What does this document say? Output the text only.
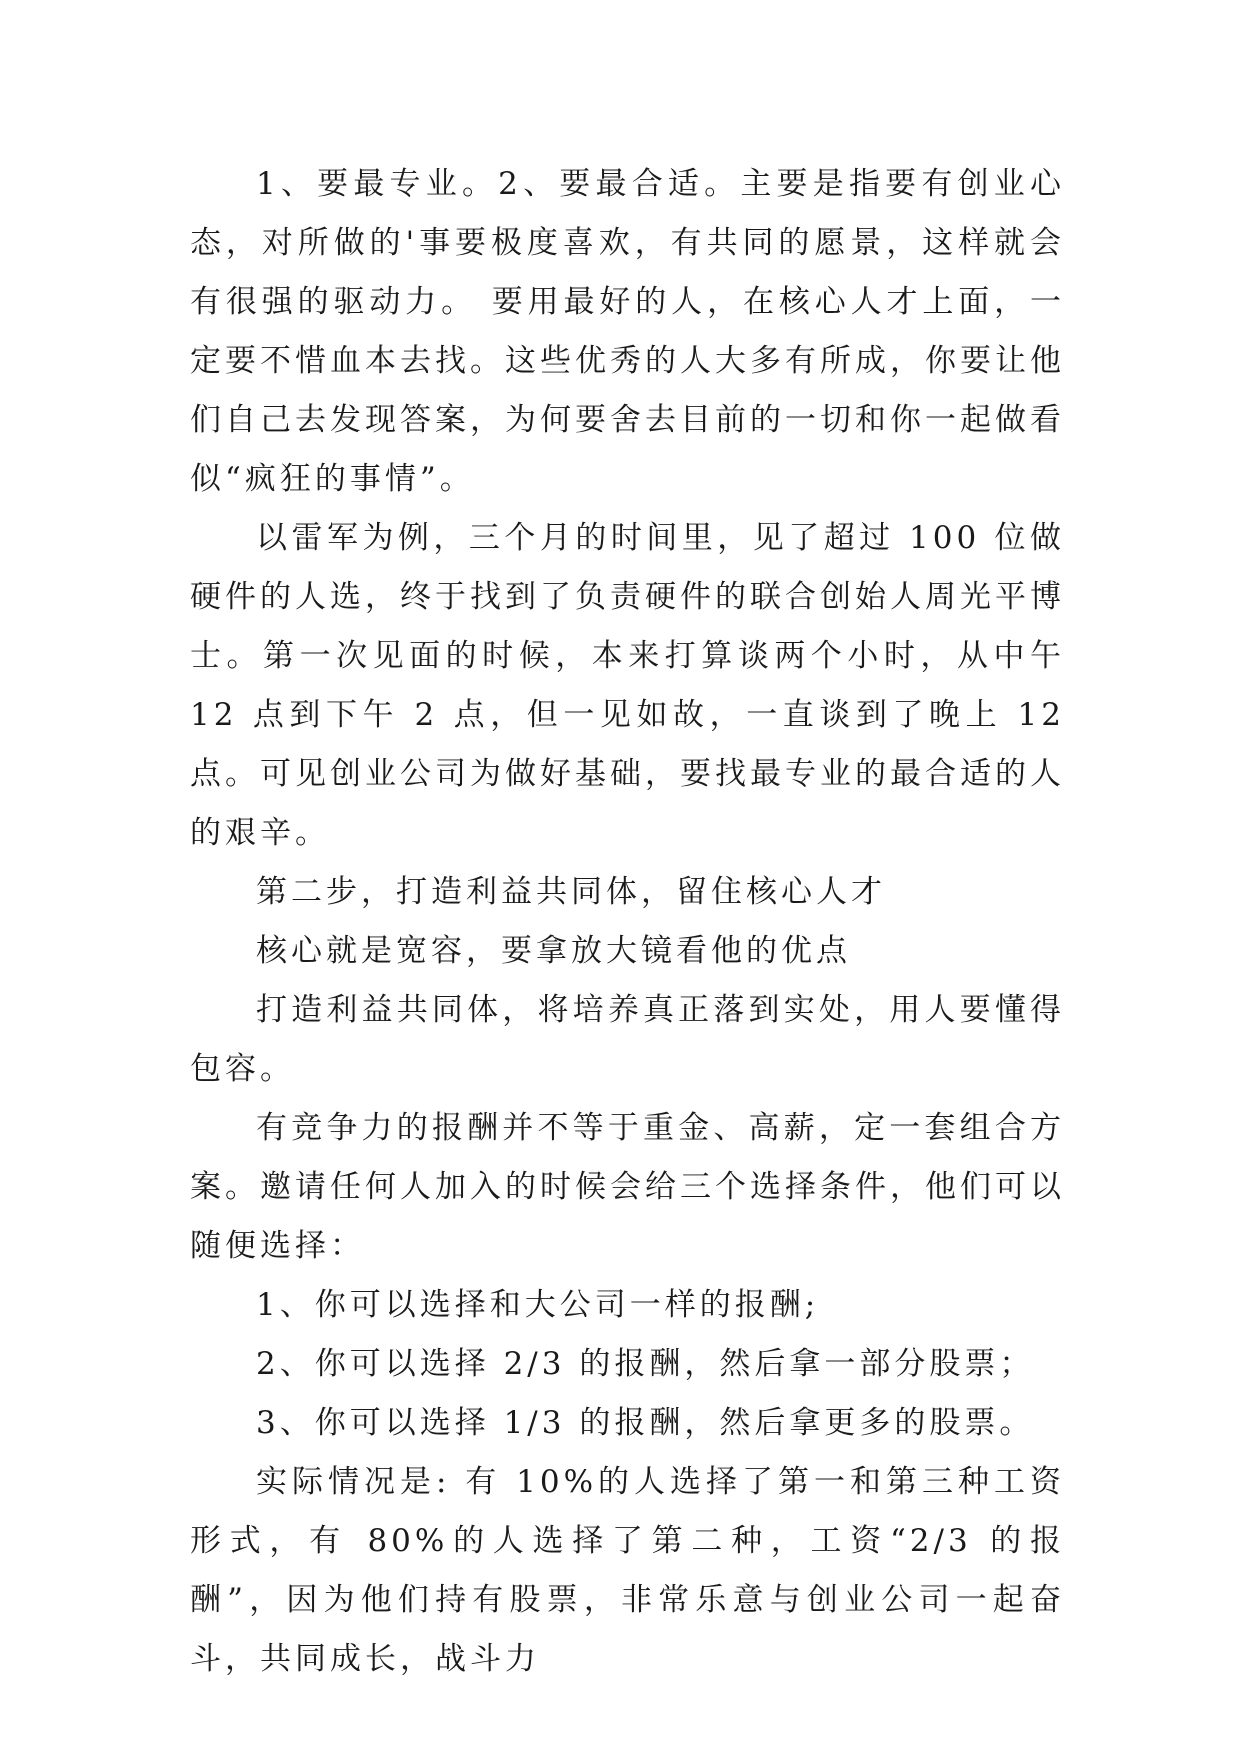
1、要最专业。2、要最合适。主要是指要有创业心态，对所做的'事要极度喜欢，有共同的愿景，这样就会有很强的驱动力。 要用最好的人，在核心人才上面，一定要不惜血本去找。这些优秀的人大多有所成，你要让他们自己去发现答案，为何要舍去目前的一切和你一起做看似“疯狂的事情”。

以雷军为例，三个月的时间里，见了超过 100 位做硬件的人选，终于找到了负责硬件的联合创始人周光平博士。第一次见面的时候，本来打算谈两个小时，从中午 12 点到下午 2 点，但一见如故，一直谈到了晚上 12 点。可见创业公司为做好基础，要找最专业的最合适的人的艰辛。

第二步，打造利益共同体，留住核心人才

核心就是宽容，要拿放大镜看他的优点

打造利益共同体，将培养真正落到实处，用人要懂得包容。

有竞争力的报酬并不等于重金、高薪，定一套组合方案。邀请任何人加入的时候会给三个选择条件，他们可以随便选择：

1、你可以选择和大公司一样的报酬;

2、你可以选择 2/3 的报酬，然后拿一部分股票；

3、你可以选择 1/3 的报酬，然后拿更多的股票。

实际情况是: 有 10%的人选择了第一和第三种工资形式，有 80%的人选择了第二种，工资“2/3 的报酬”，因为他们持有股票，非常乐意与创业公司一起奋斗，共同成长，战斗力
